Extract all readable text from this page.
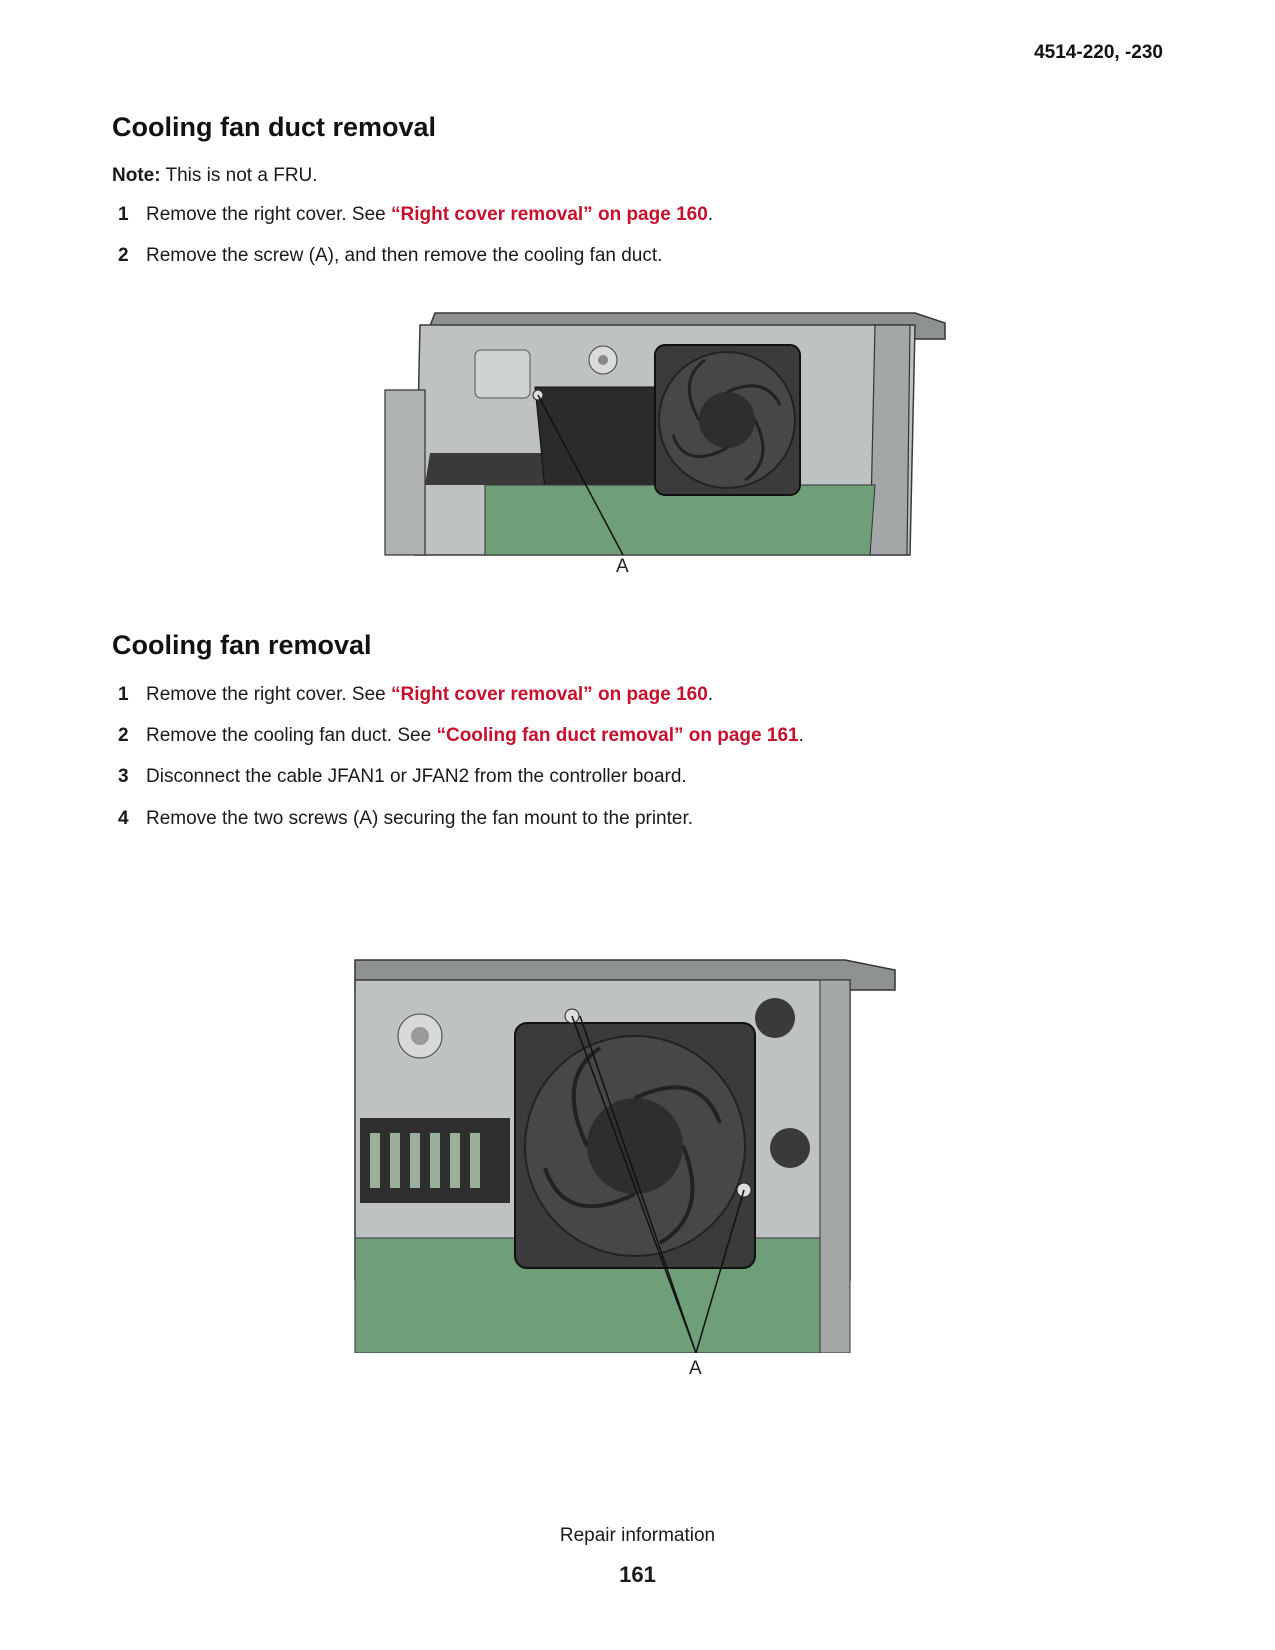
4514-220, -230
Cooling fan duct removal
Note: This is not a FRU.
1 Remove the right cover. See “Right cover removal” on page 160.
2 Remove the screw (A), and then remove the cooling fan duct.
A
Cooling fan removal
1 Remove the right cover. See “Right cover removal” on page 160.
2 Remove the cooling fan duct. See “Cooling fan duct removal” on page 161.
3 Disconnect the cable JFAN1 or JFAN2 from the controller board.
4 Remove the two screws (A) securing the fan mount to the printer.
A
Repair information
161
